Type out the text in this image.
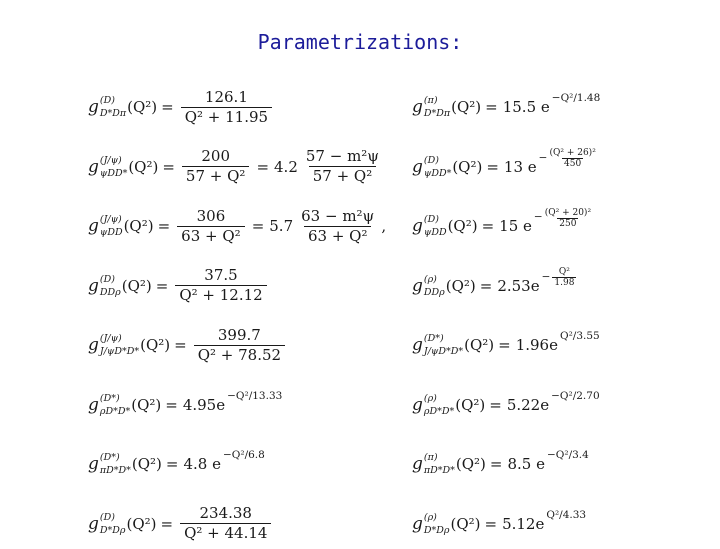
Parametrizations:
g (D)
D*Dπ $(Q^2) = \frac{126.1}{\text{Q² + 11.95}}$
g (J/ψ)
ψDD* $(Q^2) = \frac{200}{\text{57 + Q²}} = 4.2 \frac{\text{57 − m²ψ}}{\text{57 + Q²}}$
g (J/ψ)
ψDD $(Q^2) = \frac{306}{\text{63 + Q²}} = 5.7 \frac{\text{63 − m²ψ}}{\text{63 + Q²}}$ ,
g (D)
DDρ $(Q^2) = \frac{37.5}{\text{Q² + 12.12}}$
g (J/ψ)
J/ψD*D* $(Q^2) = \frac{399.7}{\text{Q² + 78.52}}$
g (D*)
ρD*D* (Q²) = 4.95e −Q²/13.33
g (D*)
πD*D* (Q²) = 4.8 e −Q²/6.8
g (D)
D*Dρ $(Q^2) = \frac{234.38}{\text{Q² + 44.14}}$
g (π)
D*Dπ (Q²) = 15.5 e −Q²/1.48
g (D)
ψDD* (Q²) = 13 $e - \frac{\text{(Q² + 26)²}}{450}$
g (D)
ψDD (Q²) = 15 $e - \frac{\text{(Q² + 20)²}}{250}$
g (ρ)
DDρ $(Q^2) = 2.53e - \frac{\text{Q²}}{1.98}$
g (D*)
J/ψD*D* (Q²) = 1.96e Q²/3.55
g (ρ)
ρD*D* (Q²) = 5.22e −Q²/2.70
g (π)
πD*D* (Q²) = 8.5 e −Q²/3.4
g (ρ)
D*Dρ (Q²) = 5.12e Q²/4.33
